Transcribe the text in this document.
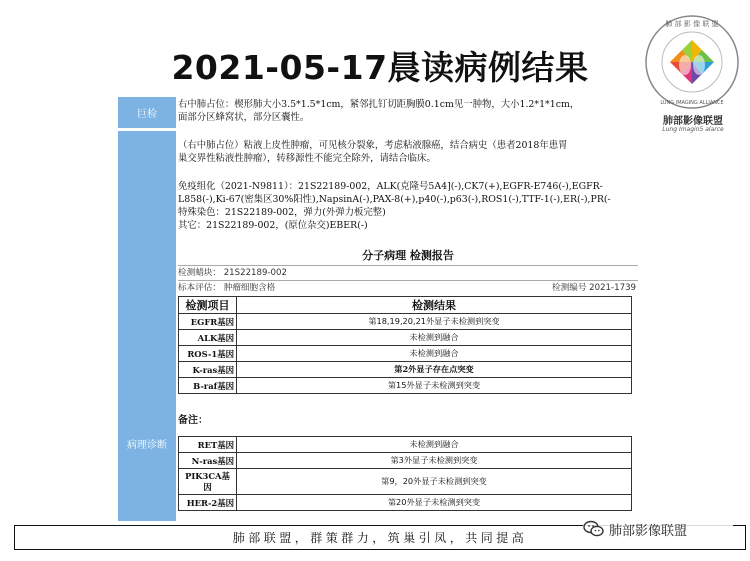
2021-05-17晨读病例结果
肺 部 影 像 联 盟
LUNG IMAGING ALLIANCE
肺部影像联盟
Lung Imagin5 alarce
巨检
病理诊断

右中肺占位：楔形肺大小3.5*1.5*1cm，紧邻扎钉切距胸膜0.1cm见一肿物，大小1.2*1*1cm，

面部分区蜂窝状，部分区囊性。

（右中肺占位）粘液上皮性肿瘤，可见核分裂象，考虑粘液腺癌，结合病史（患者2018年患胃

巢交界性粘液性肿瘤），转移源性不能完全除外，请结合临床。

免疫组化（2021-N9811）：21S22189-002，ALK(克隆号5A4](-),CK7(+),EGFR-E746(-),EGFR-

L858(-),Ki-67(密集区30%阳性),NapsinA(-),PAX-8(+),p40(-),p63(-),ROS1(-),TTF-1(-),ER(-),PR(-

特殊染色：21S22189-002，弹力(外弹力板完整)

其它：21S22189-002，(原位杂交)EBER(-)

分子病理 检测报告
检测蜡块： 21S22189-002
标本评估： 肿瘤细胞含格	检测编号 2021-1739
检测项目	检测结果
EGFR基因	第18,19,20,21外显子未检测到突变
ALK基因	未检测到融合
ROS-1基因	未检测到融合
K-ras基因	第2外显子存在点突变
B-raf基因	第15外显子未检测到突变
备注：
RET基因	未检测到融合
N-ras基因	第3外显子未检测到突变
PIK3CA基因	第9，20外显子未检测到突变
HER-2基因	第20外显子未检测到突变
肺部联盟，群策群力，筑巢引凤，共同提高	肺部影像联盟
